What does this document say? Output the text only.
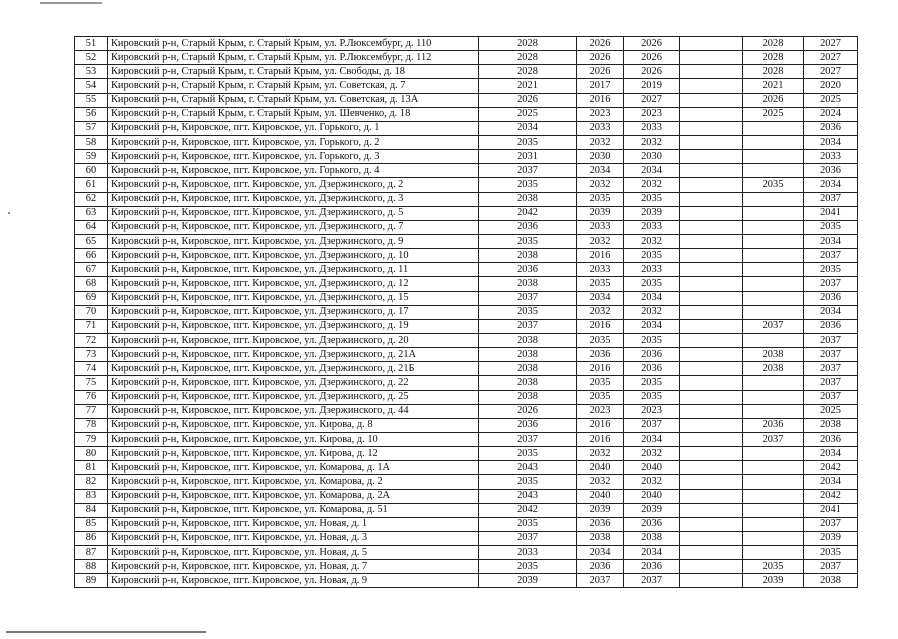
51	Кировский р-н, Старый Крым, г. Старый Крым, ул. Р.Люксембург, д. 110	2028	2026	2026		2028	2027
52	Кировский р-н, Старый Крым, г. Старый Крым, ул. Р.Люксембург, д. 112	2028	2026	2026		2028	2027
53	Кировский р-н, Старый Крым, г. Старый Крым, ул. Свободы, д. 18	2028	2026	2026		2028	2027
54	Кировский р-н, Старый Крым, г. Старый Крым, ул. Советская, д. 7	2021	2017	2019		2021	2020
55	Кировский р-н, Старый Крым, г. Старый Крым, ул. Советская, д. 13А	2026	2016	2027		2026	2025
56	Кировский р-н, Старый Крым, г. Старый Крым, ул. Шевченко, д. 18	2025	2023	2023		2025	2024
57	Кировский р-н, Кировское, пгт. Кировское, ул. Горького, д. 1	2034	2033	2033			2036
58	Кировский р-н, Кировское, пгт. Кировское, ул. Горького, д. 2	2035	2032	2032			2034
59	Кировский р-н, Кировское, пгт. Кировское, ул. Горького, д. 3	2031	2030	2030			2033
60	Кировский р-н, Кировское, пгт. Кировское, ул. Горького, д. 4	2037	2034	2034			2036
61	Кировский р-н, Кировское, пгт. Кировское, ул. Дзержинского, д. 2	2035	2032	2032		2035	2034
62	Кировский р-н, Кировское, пгт. Кировское, ул. Дзержинского, д. 3	2038	2035	2035			2037
63	Кировский р-н, Кировское, пгт. Кировское, ул. Дзержинского, д. 5	2042	2039	2039			2041
64	Кировский р-н, Кировское, пгт. Кировское, ул. Дзержинского, д. 7	2036	2033	2033			2035
65	Кировский р-н, Кировское, пгт. Кировское, ул. Дзержинского, д. 9	2035	2032	2032			2034
66	Кировский р-н, Кировское, пгт. Кировское, ул. Дзержинского, д. 10	2038	2016	2035			2037
67	Кировский р-н, Кировское, пгт. Кировское, ул. Дзержинского, д. 11	2036	2033	2033			2035
68	Кировский р-н, Кировское, пгт. Кировское, ул. Дзержинского, д. 12	2038	2035	2035			2037
69	Кировский р-н, Кировское, пгт. Кировское, ул. Дзержинского, д. 15	2037	2034	2034			2036
70	Кировский р-н, Кировское, пгт. Кировское, ул. Дзержинского, д. 17	2035	2032	2032			2034
71	Кировский р-н, Кировское, пгт. Кировское, ул. Дзержинского, д. 19	2037	2016	2034		2037	2036
72	Кировский р-н, Кировское, пгт. Кировское, ул. Дзержинского, д. 20	2038	2035	2035			2037
73	Кировский р-н, Кировское, пгт. Кировское, ул. Дзержинского, д. 21А	2038	2036	2036		2038	2037
74	Кировский р-н, Кировское, пгт. Кировское, ул. Дзержинского, д. 21Б	2038	2016	2036		2038	2037
75	Кировский р-н, Кировское, пгт. Кировское, ул. Дзержинского, д. 22	2038	2035	2035			2037
76	Кировский р-н, Кировское, пгт. Кировское, ул. Дзержинского, д. 25	2038	2035	2035			2037
77	Кировский р-н, Кировское, пгт. Кировское, ул. Дзержинского, д. 44	2026	2023	2023			2025
78	Кировский р-н, Кировское, пгт. Кировское, ул. Кирова, д. 8	2036	2016	2037		2036	2038
79	Кировский р-н, Кировское, пгт. Кировское, ул. Кирова, д. 10	2037	2016	2034		2037	2036
80	Кировский р-н, Кировское, пгт. Кировское, ул. Кирова, д. 12	2035	2032	2032			2034
81	Кировский р-н, Кировское, пгт. Кировское, ул. Комарова, д. 1А	2043	2040	2040			2042
82	Кировский р-н, Кировское, пгт. Кировское, ул. Комарова, д. 2	2035	2032	2032			2034
83	Кировский р-н, Кировское, пгт. Кировское, ул. Комарова, д. 2А	2043	2040	2040			2042
84	Кировский р-н, Кировское, пгт. Кировское, ул. Комарова, д. 51	2042	2039	2039			2041
85	Кировский р-н, Кировское, пгт. Кировское, ул. Новая, д. 1	2035	2036	2036			2037
86	Кировский р-н, Кировское, пгт. Кировское, ул. Новая, д. 3	2037	2038	2038			2039
87	Кировский р-н, Кировское, пгт. Кировское, ул. Новая, д. 5	2033	2034	2034			2035
88	Кировский р-н, Кировское, пгт. Кировское, ул. Новая, д. 7	2035	2036	2036		2035	2037
89	Кировский р-н, Кировское, пгт. Кировское, ул. Новая, д. 9	2039	2037	2037		2039	2038
